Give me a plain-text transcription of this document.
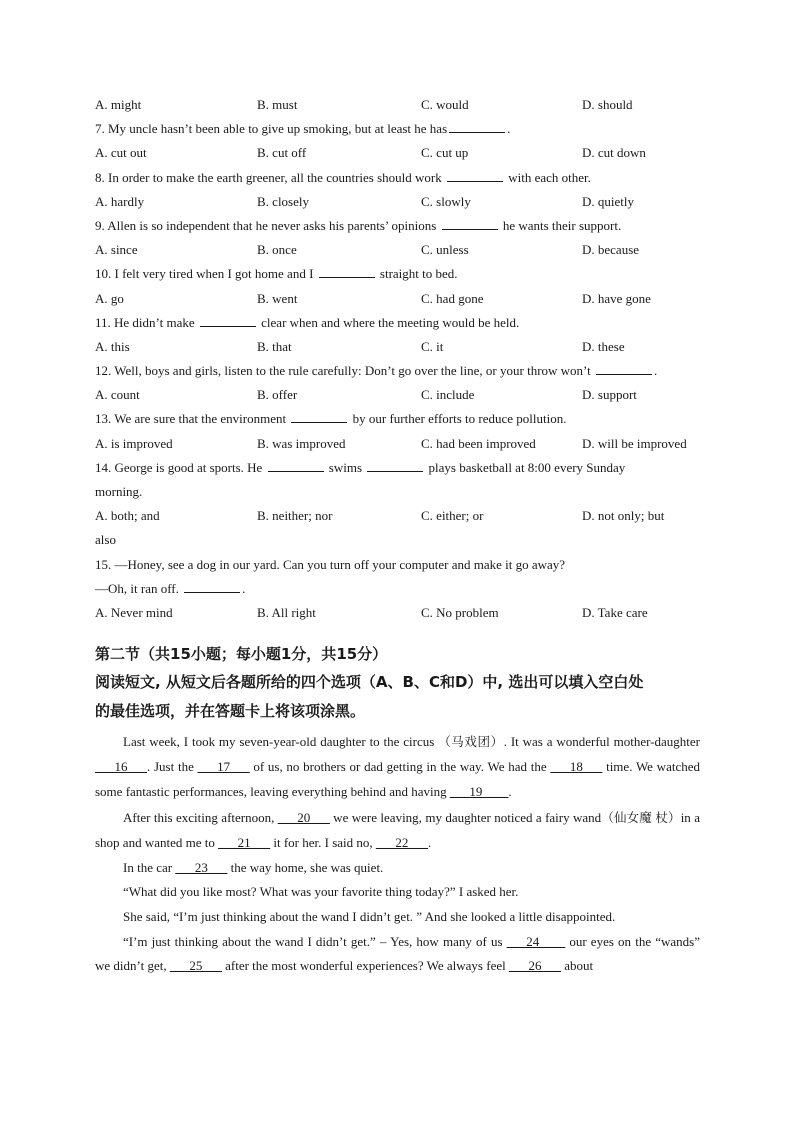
A. might	B. must	C. would	D. should
7. My uncle hasn’t been able to give up smoking, but at least he has	.
A. cut out	B. cut off	C. cut up	D. cut down
8. In order to make the earth greener, all the countries should work	with each other.
A. hardly	B. closely	C. slowly	D. quietly
9. Allen is so independent that he never asks his parents’ opinions	he wants their support.
A. since	B. once	C. unless	D. because
10. I felt very tired when I got home and I	straight to bed.
A. go	B. went	C. had gone	D. have gone
11. He didn’t make	clear when and where the meeting would be held.
A. this	B. that	C. it	D. these
12. Well, boys and girls, listen to the rule carefully: Don’t go over the line, or your throw won’t	.
A. count	B. offer	C. include	D. support
13. We are sure that the environment	by our further efforts to reduce pollution.
A. is improved	B. was improved	C. had been improved	D. will be improved
14. George is good at sports. He	swims	plays basketball at 8:00 every Sunday
morning.
A. both; and	B. neither; nor	C. either; or	D. not only; but
also
15. —Honey, see a dog in our yard. Can you turn off your computer and make it go away?
—Oh, it ran off.	.
A. Never mind	B. All right	C. No problem	D. Take care
第二节（共15小题；每小题1分，共15分）
阅读短文, 从短文后各题所给的四个选项（A、B、C和D）中, 选出可以填入空白处
的最佳选项，并在答题卡上将该项涂黑。

Last week, I took my seven-year-old daughter to the circus （马戏团）. It was a wonderful mother-daughter ___16___. Just the ___17___ of us, no brothers or dad getting in the way. We had the ___18___ time. We watched some fantastic performances, leaving everything behind and having ___19____.

After this exciting afternoon, ___20___ we were leaving, my daughter noticed a fairy wand（仙女魔 杖）in a shop and wanted me to ___21___ it for her. I said no, ___22___.

In the car ___23___ the way home, she was quiet.

“What did you like most? What was your favorite thing today?” I asked her.

She said, “I’m just thinking about the wand I didn’t get. ” And she looked a little disappointed.

“I’m just thinking about the wand I didn’t get.” – Yes, how many of us ___24____ our eyes on the “wands” we didn’t get, ___25___ after the most wonderful experiences? We always feel ___26___ about
